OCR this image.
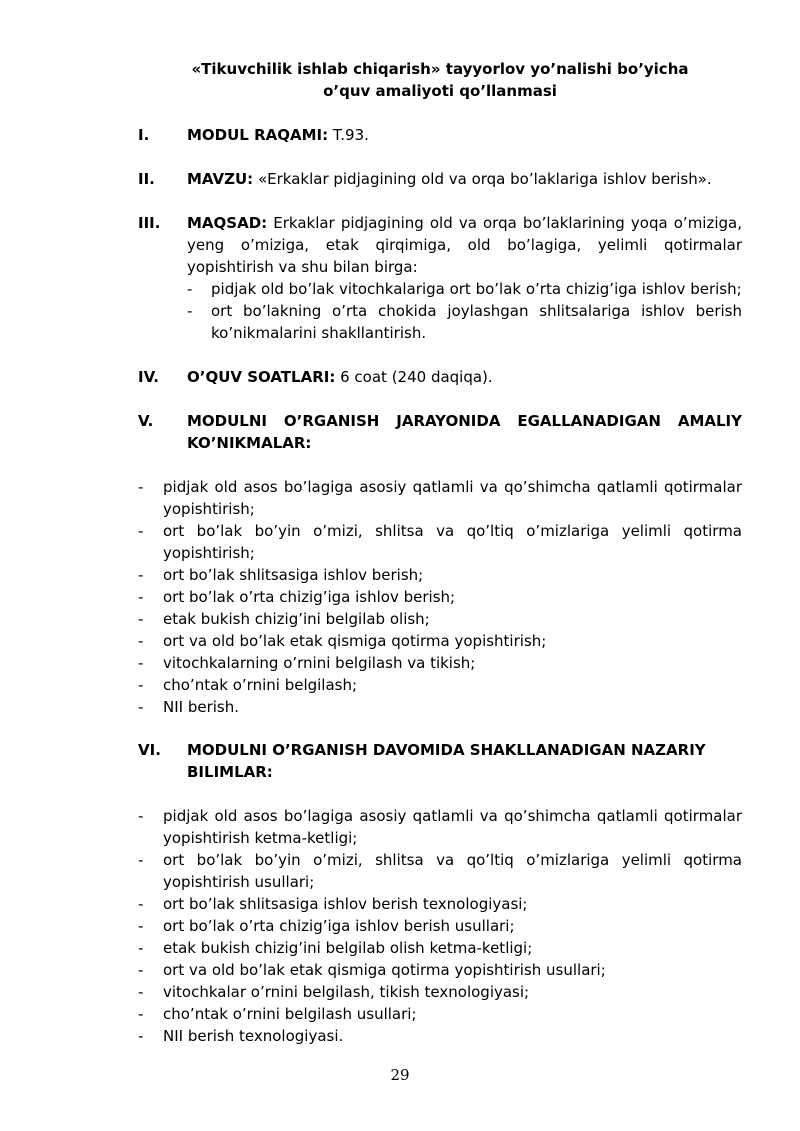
«Tikuvchilik ishlab chiqarish» tayyorlov yo’nalishi bo’yicha
o’quv amaliyoti qo’llanmasi
I.	MODUL RAQAMI: T.93.
II. MAVZU: «Erkaklar pidjagining old va orqa bo’laklariga ishlov berish».
III. MAQSAD: Erkaklar pidjagining old va orqa bo’laklarining yoqa o’miziga, yeng o’miziga, etak qirqimiga, old bo’lagiga, yelimli qotirmalar yopishtirish va shu bilan birga:
- pidjak old bo’lak vitochkalariga ort bo’lak o’rta chizig’iga ishlov berish;
- ort bo’lakning o’rta chokida joylashgan shlitsalariga ishlov berish ko’nikmalarini shakllantirish.
IV. O’QUV SOATLARI: 6 coat (240 daqiqa).
V. MODULNI O’RGANISH JARAYONIDA EGALLANADIGAN AMALIY
KO’NIKMALAR:
- pidjak old asos bo’lagiga asosiy qatlamli va qo’shimcha qatlamli qotirmalar yopishtirish;
- ort bo’lak bo’yin o’mizi, shlitsa va qo’ltiq o’mizlariga yelimli qotirma yopishtirish;
- ort bo’lak shlitsasiga ishlov berish;
- ort bo’lak o’rta chizig’iga ishlov berish;
- etak bukish chizig’ini belgilab olish;
- ort va old bo’lak etak qismiga qotirma yopishtirish;
- vitochkalarning o’rnini belgilash va tikish;
- cho’ntak o’rnini belgilash;
- NII berish.
VI. MODULNI O’RGANISH DAVOMIDA SHAKLLANADIGAN NAZARIY
BILIMLAR:
- pidjak old asos bo’lagiga asosiy qatlamli va qo’shimcha qatlamli qotirmalar yopishtirish ketma-ketligi;
- ort bo’lak bo’yin o’mizi, shlitsa va qo’ltiq o’mizlariga yelimli qotirma yopishtirish usullari;
- ort bo’lak shlitsasiga ishlov berish texnologiyasi;
- ort bo’lak o’rta chizig’iga ishlov berish usullari;
- etak bukish chizig’ini belgilab olish ketma-ketligi;
- ort va old bo’lak etak qismiga qotirma yopishtirish usullari;
- vitochkalar o’rnini belgilash, tikish texnologiyasi;
- cho’ntak o’rnini belgilash usullari;
- NII berish texnologiyasi.
29
